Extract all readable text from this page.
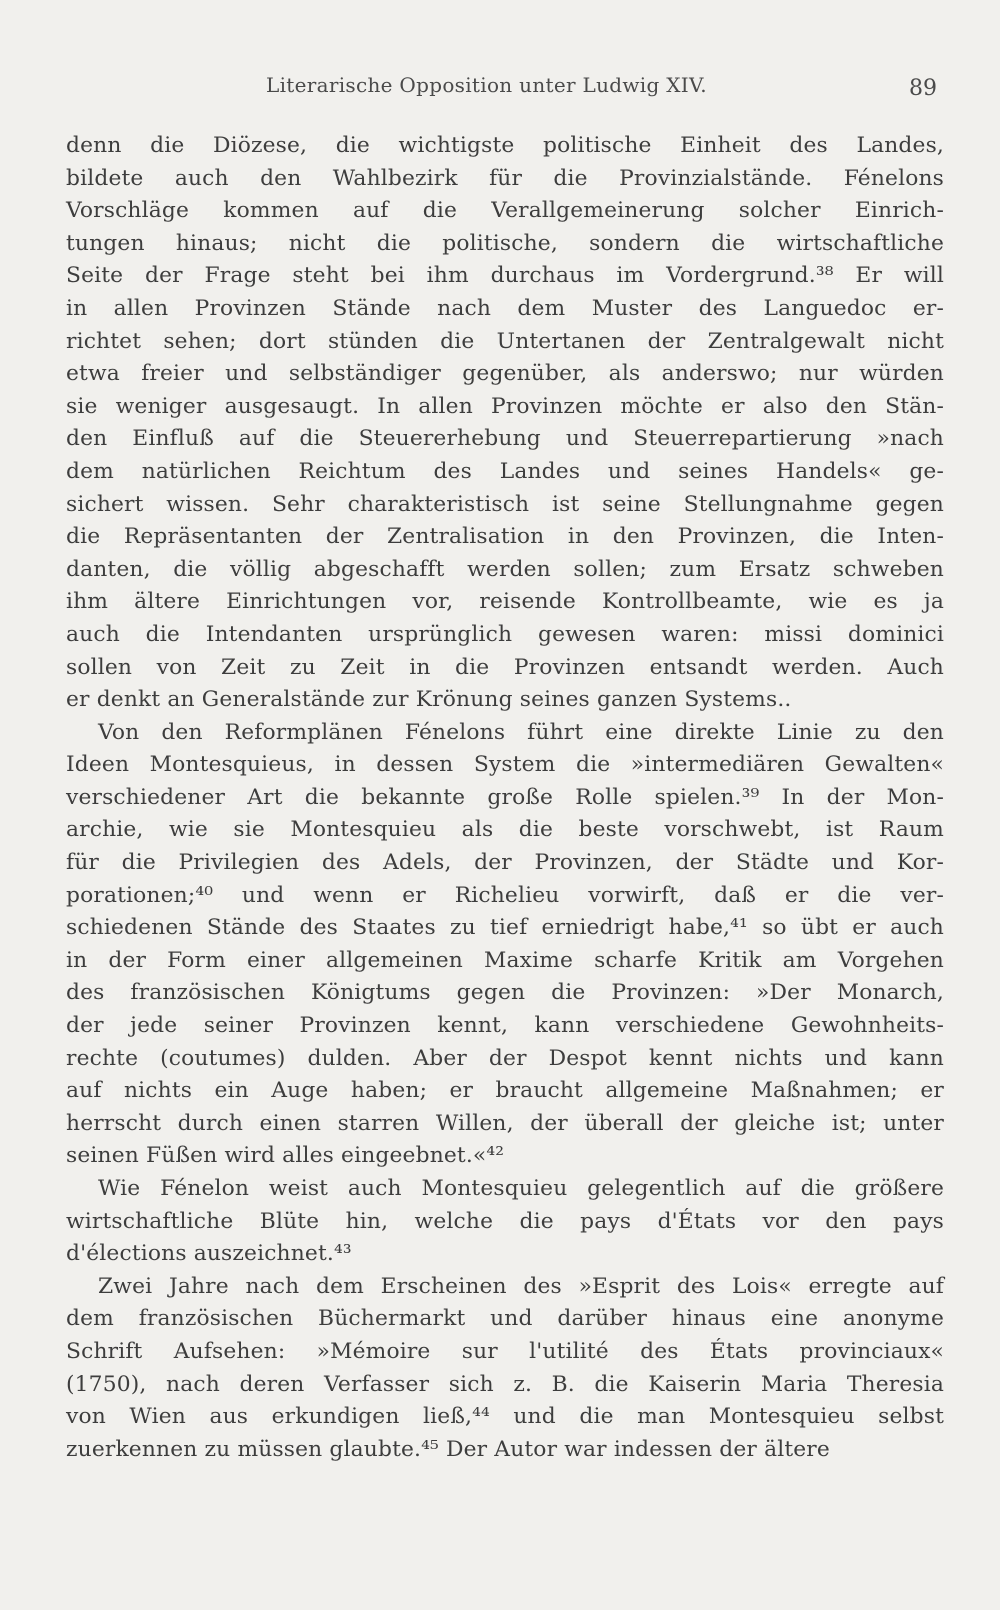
Literarische Opposition unter Ludwig XIV.	89
denn die Diözese, die wichtigste politische Einheit des Landes,
bildete auch den Wahlbezirk für die Provinzialstände. Fénelons
Vorschläge kommen auf die Verallgemeinerung solcher Einrich-
tungen hinaus; nicht die politische, sondern die wirtschaftliche
Seite der Frage steht bei ihm durchaus im Vordergrund.³⁸ Er will
in allen Provinzen Stände nach dem Muster des Languedoc er-
richtet sehen; dort stünden die Untertanen der Zentralgewalt nicht
etwa freier und selbständiger gegenüber, als anderswo; nur würden
sie weniger ausgesaugt. In allen Provinzen möchte er also den Stän-
den Einfluß auf die Steuererhebung und Steuerrepartierung »nach
dem natürlichen Reichtum des Landes und seines Handels« ge-
sichert wissen. Sehr charakteristisch ist seine Stellungnahme gegen
die Repräsentanten der Zentralisation in den Provinzen, die Inten-
danten, die völlig abgeschafft werden sollen; zum Ersatz schweben
ihm ältere Einrichtungen vor, reisende Kontrollbeamte, wie es ja
auch die Intendanten ursprünglich gewesen waren: missi dominici
sollen von Zeit zu Zeit in die Provinzen entsandt werden. Auch
er denkt an Generalstände zur Krönung seines ganzen Systems..
Von den Reformplänen Fénelons führt eine direkte Linie zu den
Ideen Montesquieus, in dessen System die »intermediären Gewalten«
verschiedener Art die bekannte große Rolle spielen.³⁹ In der Mon-
archie, wie sie Montesquieu als die beste vorschwebt, ist Raum
für die Privilegien des Adels, der Provinzen, der Städte und Kor-
porationen;⁴⁰ und wenn er Richelieu vorwirft, daß er die ver-
schiedenen Stände des Staates zu tief erniedrigt habe,⁴¹ so übt er auch
in der Form einer allgemeinen Maxime scharfe Kritik am Vorgehen
des französischen Königtums gegen die Provinzen: »Der Monarch,
der jede seiner Provinzen kennt, kann verschiedene Gewohnheits-
rechte (coutumes) dulden. Aber der Despot kennt nichts und kann
auf nichts ein Auge haben; er braucht allgemeine Maßnahmen; er
herrscht durch einen starren Willen, der überall der gleiche ist; unter
seinen Füßen wird alles eingeebnet.«⁴²
Wie Fénelon weist auch Montesquieu gelegentlich auf die größere
wirtschaftliche Blüte hin, welche die pays d'États vor den pays
d'élections auszeichnet.⁴³
Zwei Jahre nach dem Erscheinen des »Esprit des Lois« erregte auf
dem französischen Büchermarkt und darüber hinaus eine anonyme
Schrift Aufsehen: »Mémoire sur l'utilité des États provinciaux«
(1750), nach deren Verfasser sich z. B. die Kaiserin Maria Theresia
von Wien aus erkundigen ließ,⁴⁴ und die man Montesquieu selbst
zuerkennen zu müssen glaubte.⁴⁵ Der Autor war indessen der ältere
